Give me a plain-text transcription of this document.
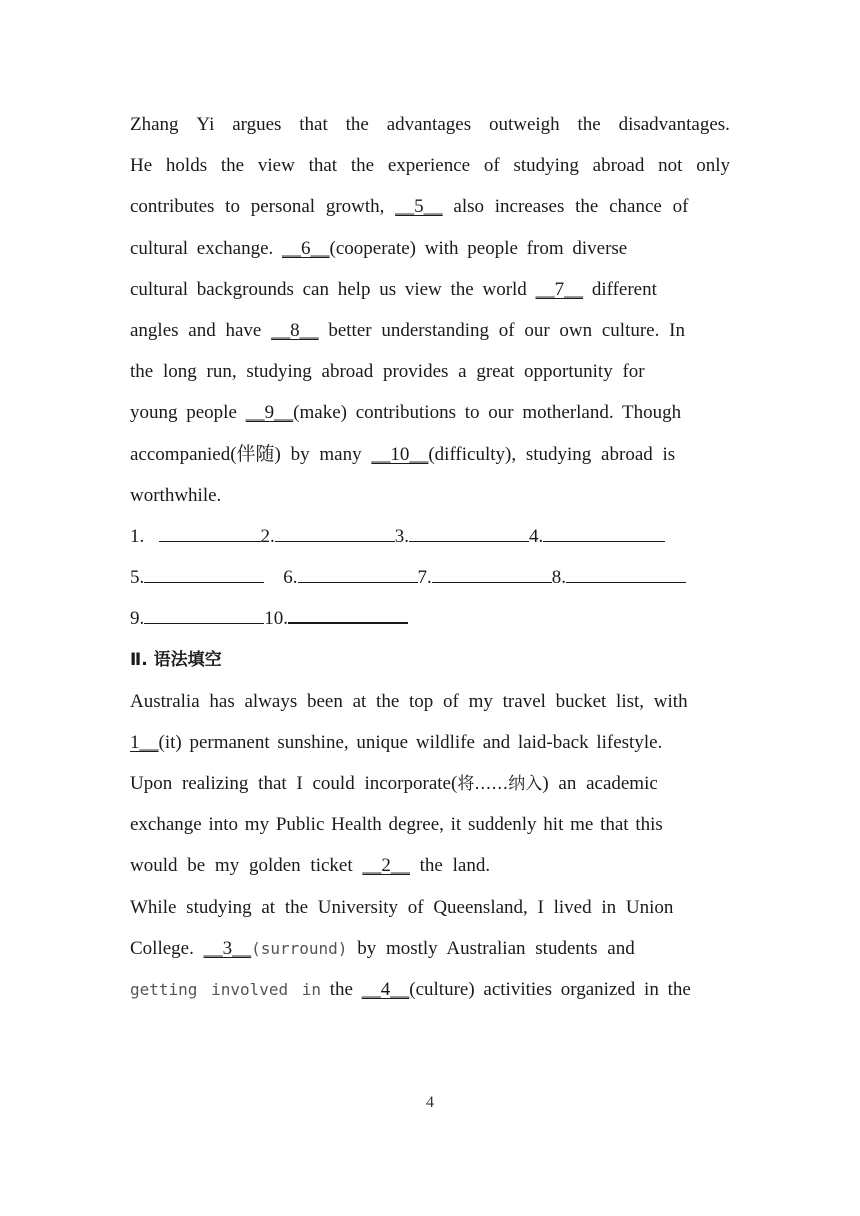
Zhang Yi argues that the advantages outweigh the disadvantages.
He holds the view that the experience of studying abroad not only
contributes to personal growth, __5__ also increases the chance of
cultural exchange. __6__(cooperate) with people from diverse
cultural backgrounds can help us view the world __7__ different
angles and have __8__ better understanding of our own culture. In
the long run, studying abroad provides a great opportunity for
young people __9__(make) contributions to our motherland. Though
accompanied(伴随) by many __10__(difficulty), studying abroad is
worthwhile.
1.	2.	3.	4.
5.	6.	7.	8.
9.	10.
Ⅱ. 语法填空
Australia has always been at the top of my travel bucket list, with
1__(it) permanent sunshine, unique wildlife and laid-back lifestyle.
Upon realizing that I could incorporate(将……纳入) an academic
exchange into my Public Health degree, it suddenly hit me that this
would be my golden ticket __2__ the land.
While studying at the University of Queensland, I lived in Union
College. __3__(surround) by mostly Australian students and
getting involved in the __4__(culture) activities organized in the
4
